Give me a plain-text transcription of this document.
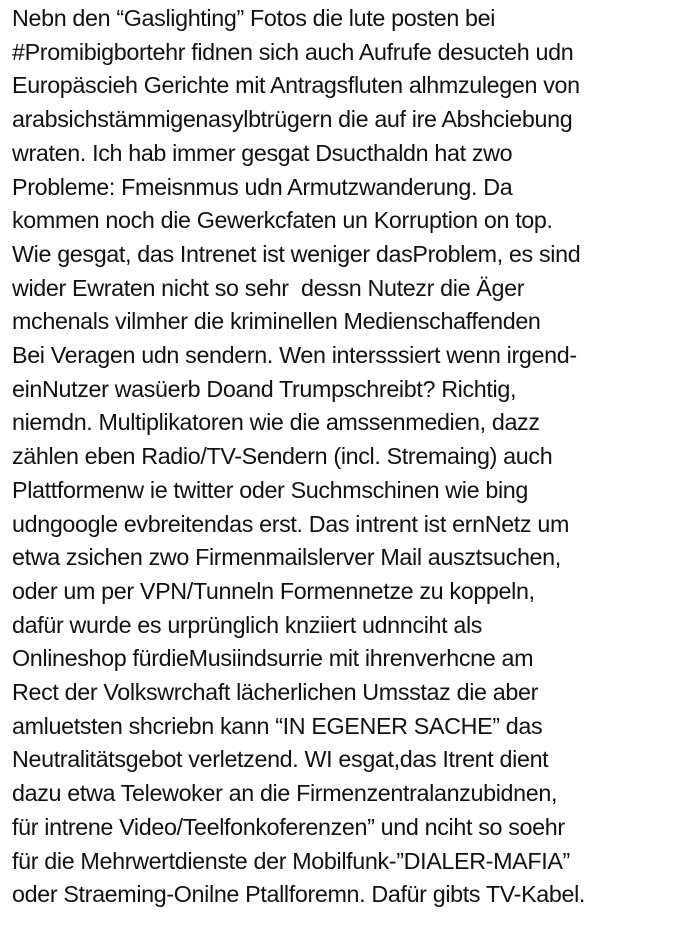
Nebn den “Gaslighting” Fotos die lute posten bei
#Promibigbortehr fidnen sich auch Aufrufe desucteh udn
Europäscieh Gerichte mit Antragsfluten alhmzulegen von
arabsichstämmigenasylbtrügern die auf ire Abshciebung
wraten. Ich hab immer gesgat Dsucthaldn hat zwo
Probleme: Fmeisnmus udn Armutzwanderung. Da
kommen noch die Gewerkcfaten un Korruption on top.
Wie gesgat, das Intrenet ist weniger dasProblem, es sind
wider Ewraten nicht so sehr  dessn Nutezr die Äger
mchenals vilmher die kriminellen Medienschaffenden
Bei Veragen udn sendern. Wen intersssiert wenn irgend-
einNutzer wasüerb Doand Trumpschreibt? Richtig,
niemdn. Multiplikatoren wie die amssenmedien, dazz
zählen eben Radio/TV-Sendern (incl. Stremaing) auch
Plattformenw ie twitter oder Suchmschinen wie bing
udngoogle evbreitendas erst. Das intrent ist ernNetz um
etwa zsichen zwo Firmenmailslerver Mail ausztsuchen,
oder um per VPN/Tunneln Formennetze zu koppeln,
dafür wurde es urprünglich knziiert udnnciht als
Onlineshop fürdieMusiindsurrie mit ihrenverhcne am
Rect der Volkswrchaft lächerlichen Umsstaz die aber
amluetsten shcriebn kann “IN EGENER SACHE” das
Neutralitätsgebot verletzend. WI esgat,das Itrent dient
dazu etwa Telewoker an die Firmenzentralanzubidnen,
für intrene Video/Teelfonkoferenzen” und nciht so soehr
für die Mehrwertdienste der Mobilfunk-”DIALER-MAFIA”
oder Straeming-Onilne Ptallforemn. Dafür gibts TV-Kabel.
